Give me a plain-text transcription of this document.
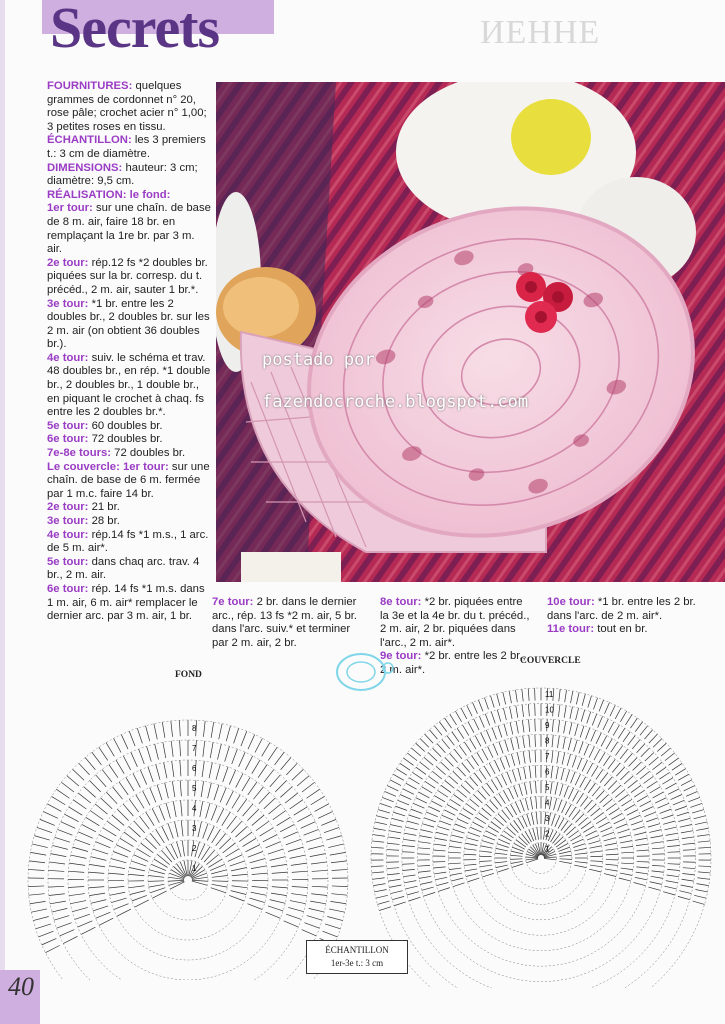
Secrets	ИЕННЕ

FOURNITURES: quelques grammes de cordonnet n° 20, rose pâle; crochet acier n° 1,00; 3 petites roses en tissu.

ÉCHANTILLON: les 3 premiers t.: 3 cm de diamètre.

DIMENSIONS: hauteur: 3 cm; diamètre: 9,5 cm.

RÉALISATION: le fond:

1er tour: sur une chaîn. de base de 8 m. air, faire 18 br. en remplaçant la 1re br. par 3 m. air.

2e tour: rép.12 fs *2 doubles br. piquées sur la br. corresp. du t. précéd., 2 m. air, sauter 1 br.*.

3e tour: *1 br. entre les 2 doubles br., 2 doubles br. sur les 2 m. air (on obtient 36 doubles br.).

4e tour: suiv. le schéma et trav. 48 doubles br., en rép. *1 double br., 2 doubles br., 1 double br., en piquant le crochet à chaq. fs entre les 2 doubles br.*.

5e tour: 60 doubles br.

6e tour: 72 doubles br.

7e-8e tours: 72 doubles br.

Le couvercle: 1er tour: sur une chaîn. de base de 6 m. fermée par 1 m.c. faire 14 br.

2e tour: 21 br.

3e tour: 28 br.

4e tour: rép.14 fs *1 m.s., 1 arc. de 5 m. air*.

5e tour: dans chaq arc. trav. 4 br., 2 m. air.

6e tour: rép. 14 fs *1 m.s. dans 1 m. air, 6 m. air* remplacer le dernier arc. par 3 m. air, 1 br.

postado por
fazendocroche.blogspot.com

7e tour: 2 br. dans le dernier arc., rép. 13 fs *2 m. air, 5 br. dans l'arc. suiv.* et terminer par 2 m. air, 2 br.

8e tour: *2 br. piquées entre la 3e et la 4e br. du t. précéd., 2 m. air, 2 br. piquées dans l'arc., 2 m. air*.

9e tour: *2 br. entre les 2 br., 2 m. air*.

10e tour: *1 br. entre les 2 br. dans l'arc. de 2 m. air*.

11e tour: tout en br.

FOND
COUVERCLE
1
2
3
4
5
6
7
8
1
2
3
4
5
6
7
8
9
10
11
ÉCHANTILLON
1er-3e t.: 3 cm
40
